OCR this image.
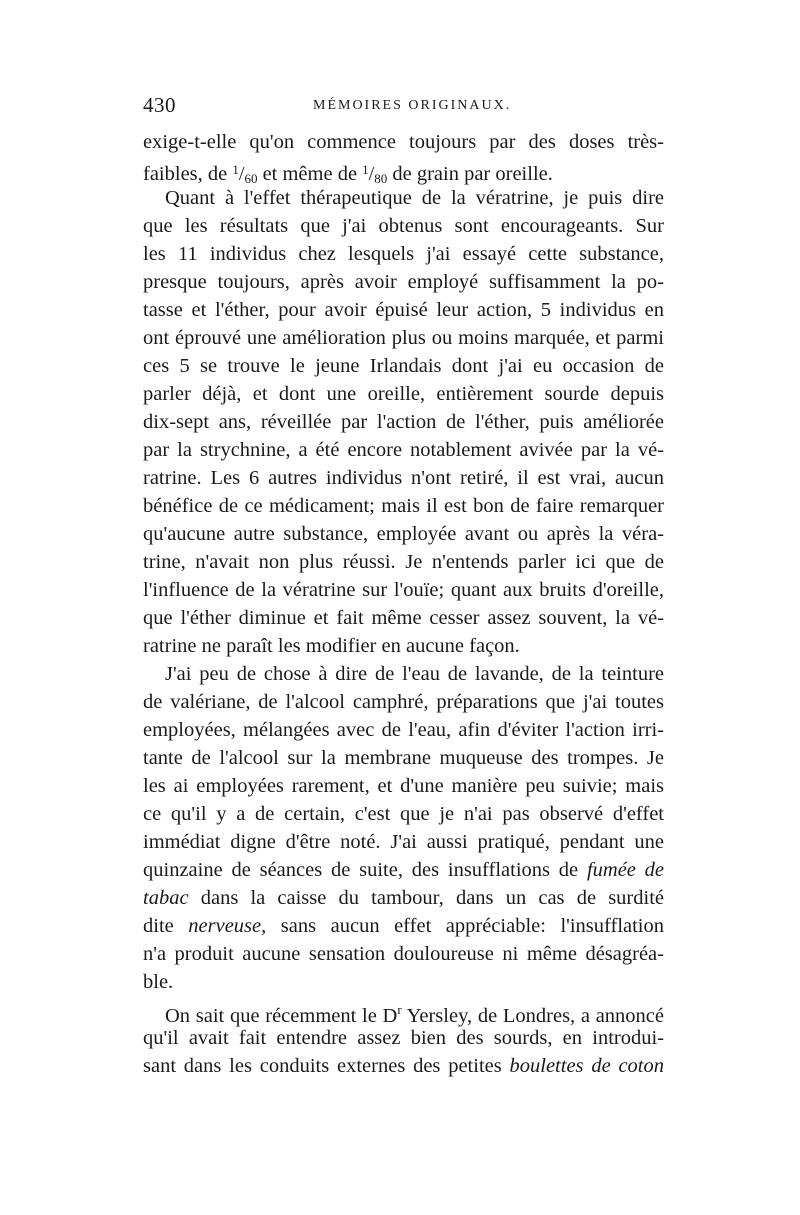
430	MÉMOIRES ORIGINAUX.
exige-t-elle qu'on commence toujours par des doses très-
faibles, de $^1/_{60}$ et même de $^1/_{80}$ de grain par oreille.
Quant à l'effet thérapeutique de la vératrine, je puis dire
que les résultats que j'ai obtenus sont encourageants. Sur
les 11 individus chez lesquels j'ai essayé cette substance,
presque toujours, après avoir employé suffisamment la po-
tasse et l'éther, pour avoir épuisé leur action, 5 individus en
ont éprouvé une amélioration plus ou moins marquée, et parmi
ces 5 se trouve le jeune Irlandais dont j'ai eu occasion de
parler déjà, et dont une oreille, entièrement sourde depuis
dix-sept ans, réveillée par l'action de l'éther, puis améliorée
par la strychnine, a été encore notablement avivée par la vé-
ratrine. Les 6 autres individus n'ont retiré, il est vrai, aucun
bénéfice de ce médicament; mais il est bon de faire remarquer
qu'aucune autre substance, employée avant ou après la véra-
trine, n'avait non plus réussi. Je n'entends parler ici que de
l'influence de la vératrine sur l'ouïe; quant aux bruits d'oreille,
que l'éther diminue et fait même cesser assez souvent, la vé-
ratrine ne paraît les modifier en aucune façon.
J'ai peu de chose à dire de l'eau de lavande, de la teinture
de valériane, de l'alcool camphré, préparations que j'ai toutes
employées, mélangées avec de l'eau, afin d'éviter l'action irri-
tante de l'alcool sur la membrane muqueuse des trompes. Je
les ai employées rarement, et d'une manière peu suivie; mais
ce qu'il y a de certain, c'est que je n'ai pas observé d'effet
immédiat digne d'être noté. J'ai aussi pratiqué, pendant une
quinzaine de séances de suite, des insufflations de fumée de
tabac dans la caisse du tambour, dans un cas de surdité
dite nerveuse, sans aucun effet appréciable: l'insufflation
n'a produit aucune sensation douloureuse ni même désagréa-
ble.
On sait que récemment le $D^r$ Yersley, de Londres, a annoncé
qu'il avait fait entendre assez bien des sourds, en introdui-
sant dans les conduits externes des petites boulettes de coton
